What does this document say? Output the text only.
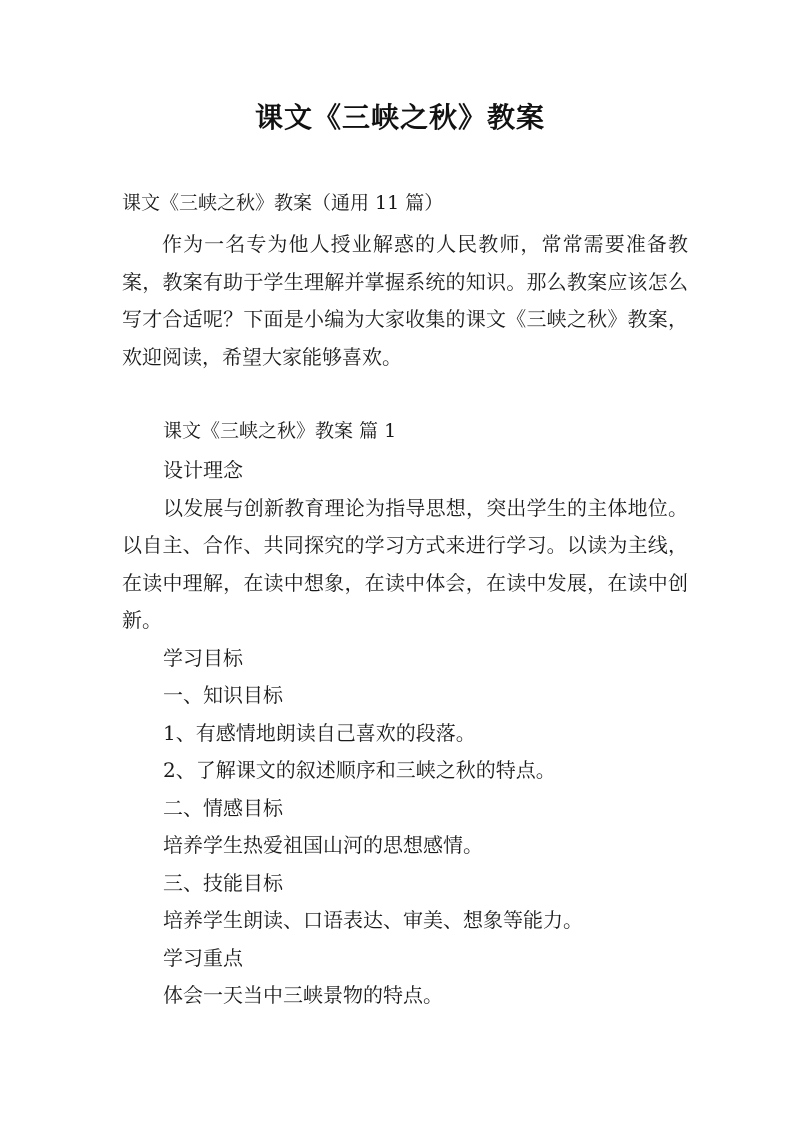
课文《三峡之秋》教案
课文《三峡之秋》教案（通用 11 篇）

作为一名专为他人授业解惑的人民教师，常常需要准备教案，教案有助于学生理解并掌握系统的知识。那么教案应该怎么写才合适呢？下面是小编为大家收集的课文《三峡之秋》教案，欢迎阅读，希望大家能够喜欢。

课文《三峡之秋》教案 篇 1
设计理念

以发展与创新教育理论为指导思想，突出学生的主体地位。以自主、合作、共同探究的学习方式来进行学习。以读为主线，在读中理解，在读中想象，在读中体会，在读中发展，在读中创新。

学习目标
一、知识目标
1、有感情地朗读自己喜欢的段落。
2、了解课文的叙述顺序和三峡之秋的特点。
二、情感目标
培养学生热爱祖国山河的思想感情。
三、技能目标
培养学生朗读、口语表达、审美、想象等能力。
学习重点
体会一天当中三峡景物的特点。
